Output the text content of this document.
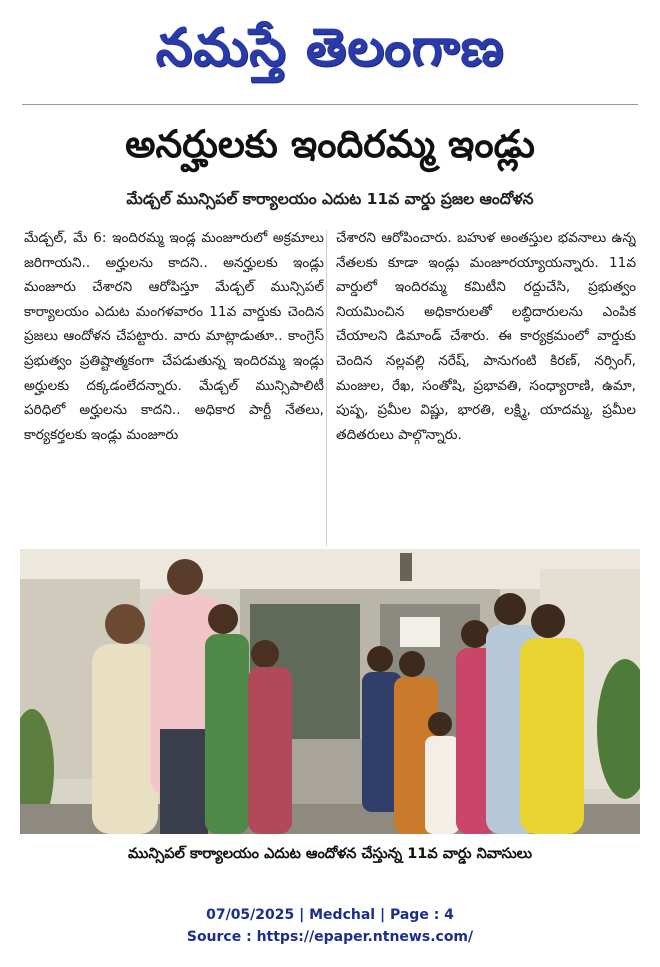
నమస్తే తెలంగాణ
అనర్హులకు ఇందిరమ్మ ఇండ్లు
మేడ్చల్ మున్సిపల్ కార్యాలయం ఎదుట 11వ వార్డు ప్రజల ఆందోళన
మేడ్చల్, మే 6: ఇందిరమ్మ ఇండ్ల మంజూరులో అక్రమాలు జరిగాయని.. అర్హులను కాదని.. అనర్హులకు ఇండ్లు మంజూరు చేశారని ఆరోపిస్తూ మేడ్చల్ మున్సిపల్ కార్యాలయం ఎదుట మంగళవారం 11వ వార్డుకు చెందిన ప్రజలు ఆందోళన చేపట్టారు. వారు మాట్లాడుతూ.. కాంగ్రెస్ ప్రభుత్వం ప్రతిష్టాత్మకంగా చేపడుతున్న ఇందిరమ్మ ఇండ్లు అర్హులకు దక్కడంలేదన్నారు. మేడ్చల్ మున్సిపాలిటీ పరిధిలో అర్హులను కాదని.. అధికార పార్టీ నేతలు, కార్యకర్తలకు ఇండ్లు మంజూరు
చేశారని ఆరోపించారు. బహుళ అంతస్తుల భవనాలు ఉన్న నేతలకు కూడా ఇండ్లు మంజూరయ్యాయన్నారు. 11వ వార్డులో ఇందిరమ్మ కమిటీని రద్దుచేసి, ప్రభుత్వం నియమించిన అధికారులతో లబ్ధిదారులను ఎంపిక చేయాలని డిమాండ్ చేశారు. ఈ కార్యక్రమంలో వార్డుకు చెందిన నల్లవల్లి నరేష్, పానుగంటి కిరణ్, నర్సింగ్, మంజుల, రేఖ, సంతోషి, ప్రభావతి, సంధ్యారాణి, ఉమా, పుష్ప, ప్రమీల విష్ణు, భారతి, లక్ష్మి, యాదమ్మ, ప్రమీల తదితరులు పాల్గొన్నారు.
మున్సిపల్ కార్యాలయం ఎదుట ఆందోళన చేస్తున్న 11వ వార్డు నివాసులు
07/05/2025 | Medchal | Page : 4
Source : https://epaper.ntnews.com/
